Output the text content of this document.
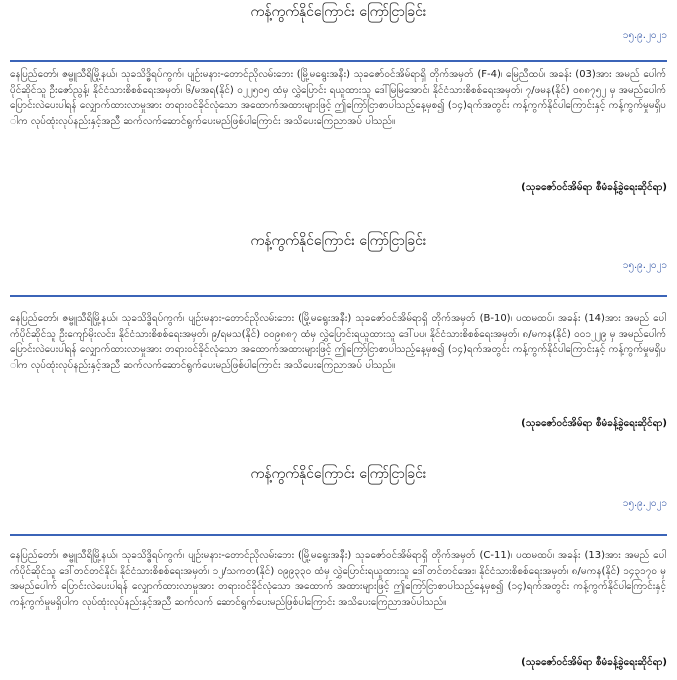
ကန့်ကွက်နိုင်ကြောင်း ကြော်ငြာခြင်း
၁၅.၉.၂၀၂၁
နေပြည်တော်၊ ဇမ္ဗူသီရိမြို့နယ်၊ သုခသိဒ္ဓိရပ်ကွက်၊ ပျဉ်းမနား-တောင်ညိုလမ်းဘေး (မြို့မရွေးအနီး) သုခဇော်ဝင်အိမ်ရာရှိ တိုက်အမှတ် (F-4)၊ မြေညီထပ်၊ အခန်း (03)အား အမည် ပေါက်ပိုင်ဆိုင်သူ ဦးဇော်ညွန့်၊ နိုင်ငံသားစိစစ်ရေးအမှတ်၊ ၆/မအရ(နိုင်) ၀၂၂၅၀၅ ထံမှ လွှဲပြောင်း ရယူထားသူ ဒေါ်မြမြအောင်၊ နိုင်ငံသားစိစစ်ရေးအမှတ်၊ ၇/ဖမန(နိုင်) ၀၈၈၇၅၂ မှ အမည်ပေါက် ပြောင်းလဲပေးပါရန် လျှောက်ထားလာမှုအား တရားဝင်ခိုင်လုံသော အထောက်အထားများဖြင့် ဤကြော်ငြာစာပါသည့်နေ့မှစ၍ (၁၄)ရက်အတွင်း ကန့်ကွက်နိုင်ပါကြောင်းနှင့် ကန့်ကွက်မှုမရှိပါက လုပ်ထုံးလုပ်နည်းနှင့်အညီ ဆက်လက်ဆောင်ရွက်ပေးမည်ဖြစ်ပါကြောင်း အသိပေးကြေညာအပ် ပါသည်။
(သုခဇော်ဝင်အိမ်ရာ စီမံခန့်ခွဲရေးဆိုင်ရာ)
ကန့်ကွက်နိုင်ကြောင်း ကြော်ငြာခြင်း
၁၅.၉.၂၀၂၁
နေပြည်တော်၊ ဇမ္ဗူသီရိမြို့နယ်၊ သုခသိဒ္ဓိရပ်ကွက်၊ ပျဉ်းမနား-တောင်ညိုလမ်းဘေး (မြို့မရွေးအနီး) သုခဇော်ဝင်အိမ်ရာရှိ တိုက်အမှတ် (B-10)၊ ပထမထပ်၊ အခန်း (14)အား အမည် ပေါက်ပိုင်ဆိုင်သူ ဦးကျော်မိုးလင်း၊ နိုင်ငံသားစိစစ်ရေးအမှတ်၊ ၉/ရမသ(နိုင်) ၀၀၉၈၈၇ ထံမှ လွှဲပြောင်းရယူထားသူ ဒေါ်ပပ၊ နိုင်ငံသားစိစစ်ရေးအမှတ်၊ ၈/မကန(နိုင်) ၀၀၁၂၂၉ မှ အမည်ပေါက် ပြောင်းလဲပေးပါရန် လျှောက်ထားလာမှုအား တရားဝင်ခိုင်လုံသော အထောက်အထားများဖြင့် ဤကြော်ငြာစာပါသည့်နေ့မှစ၍ (၁၄)ရက်အတွင်း ကန့်ကွက်နိုင်ပါကြောင်းနှင့် ကန့်ကွက်မှုမရှိပါက လုပ်ထုံးလုပ်နည်းနှင့်အညီ ဆက်လက်ဆောင်ရွက်ပေးမည်ဖြစ်ပါကြောင်း အသိပေးကြေညာအပ် ပါသည်။
(သုခဇော်ဝင်အိမ်ရာ စီမံခန့်ခွဲရေးဆိုင်ရာ)
ကန့်ကွက်နိုင်ကြောင်း ကြော်ငြာခြင်း
၁၅.၉.၂၀၂၁
နေပြည်တော်၊ ဇမ္ဗူသီရိမြို့နယ်၊ သုခသိဒ္ဓိရပ်ကွက်၊ ပျဉ်းမနား-တောင်ညိုလမ်းဘေး (မြို့မရွေးအနီး) သုခဇော်ဝင်အိမ်ရာရှိ တိုက်အမှတ် (C-11)၊ ပထမထပ်၊ အခန်း (13)အား အမည် ပေါက်ပိုင်ဆိုင်သူ ဒေါ်တင်တင်နိုင်၊ နိုင်ငံသားစိစစ်ရေးအမှတ်၊ ၁၂/သကတ(နိုင်) ၀၉၉၃၃၀ ထံမှ လွှဲပြောင်းရယူထားသူ ဒေါ်တင်တင်အေး၊ နိုင်ငံသားစိစစ်ရေးအမှတ်၊ ၈/မကန(နိုင်) ၁၄၃၁၇၀ မှ အမည်ပေါက် ပြောင်းလဲပေးပါရန် လျှောက်ထားလာမှုအား တရားဝင်ခိုင်လုံသော အထောက် အထားများဖြင့် ဤကြော်ငြာစာပါသည့်နေ့မှစ၍ (၁၄)ရက်အတွင်း ကန့်ကွက်နိုင်ပါကြောင်းနှင့် ကန့်ကွက်မှုမရှိပါက လုပ်ထုံးလုပ်နည်းနှင့်အညီ ဆက်လက် ဆောင်ရွက်ပေးမည်ဖြစ်ပါကြောင်း အသိပေးကြေညာအပ်ပါသည်။
(သုခဇော်ဝင်အိမ်ရာ စီမံခန့်ခွဲရေးဆိုင်ရာ)
